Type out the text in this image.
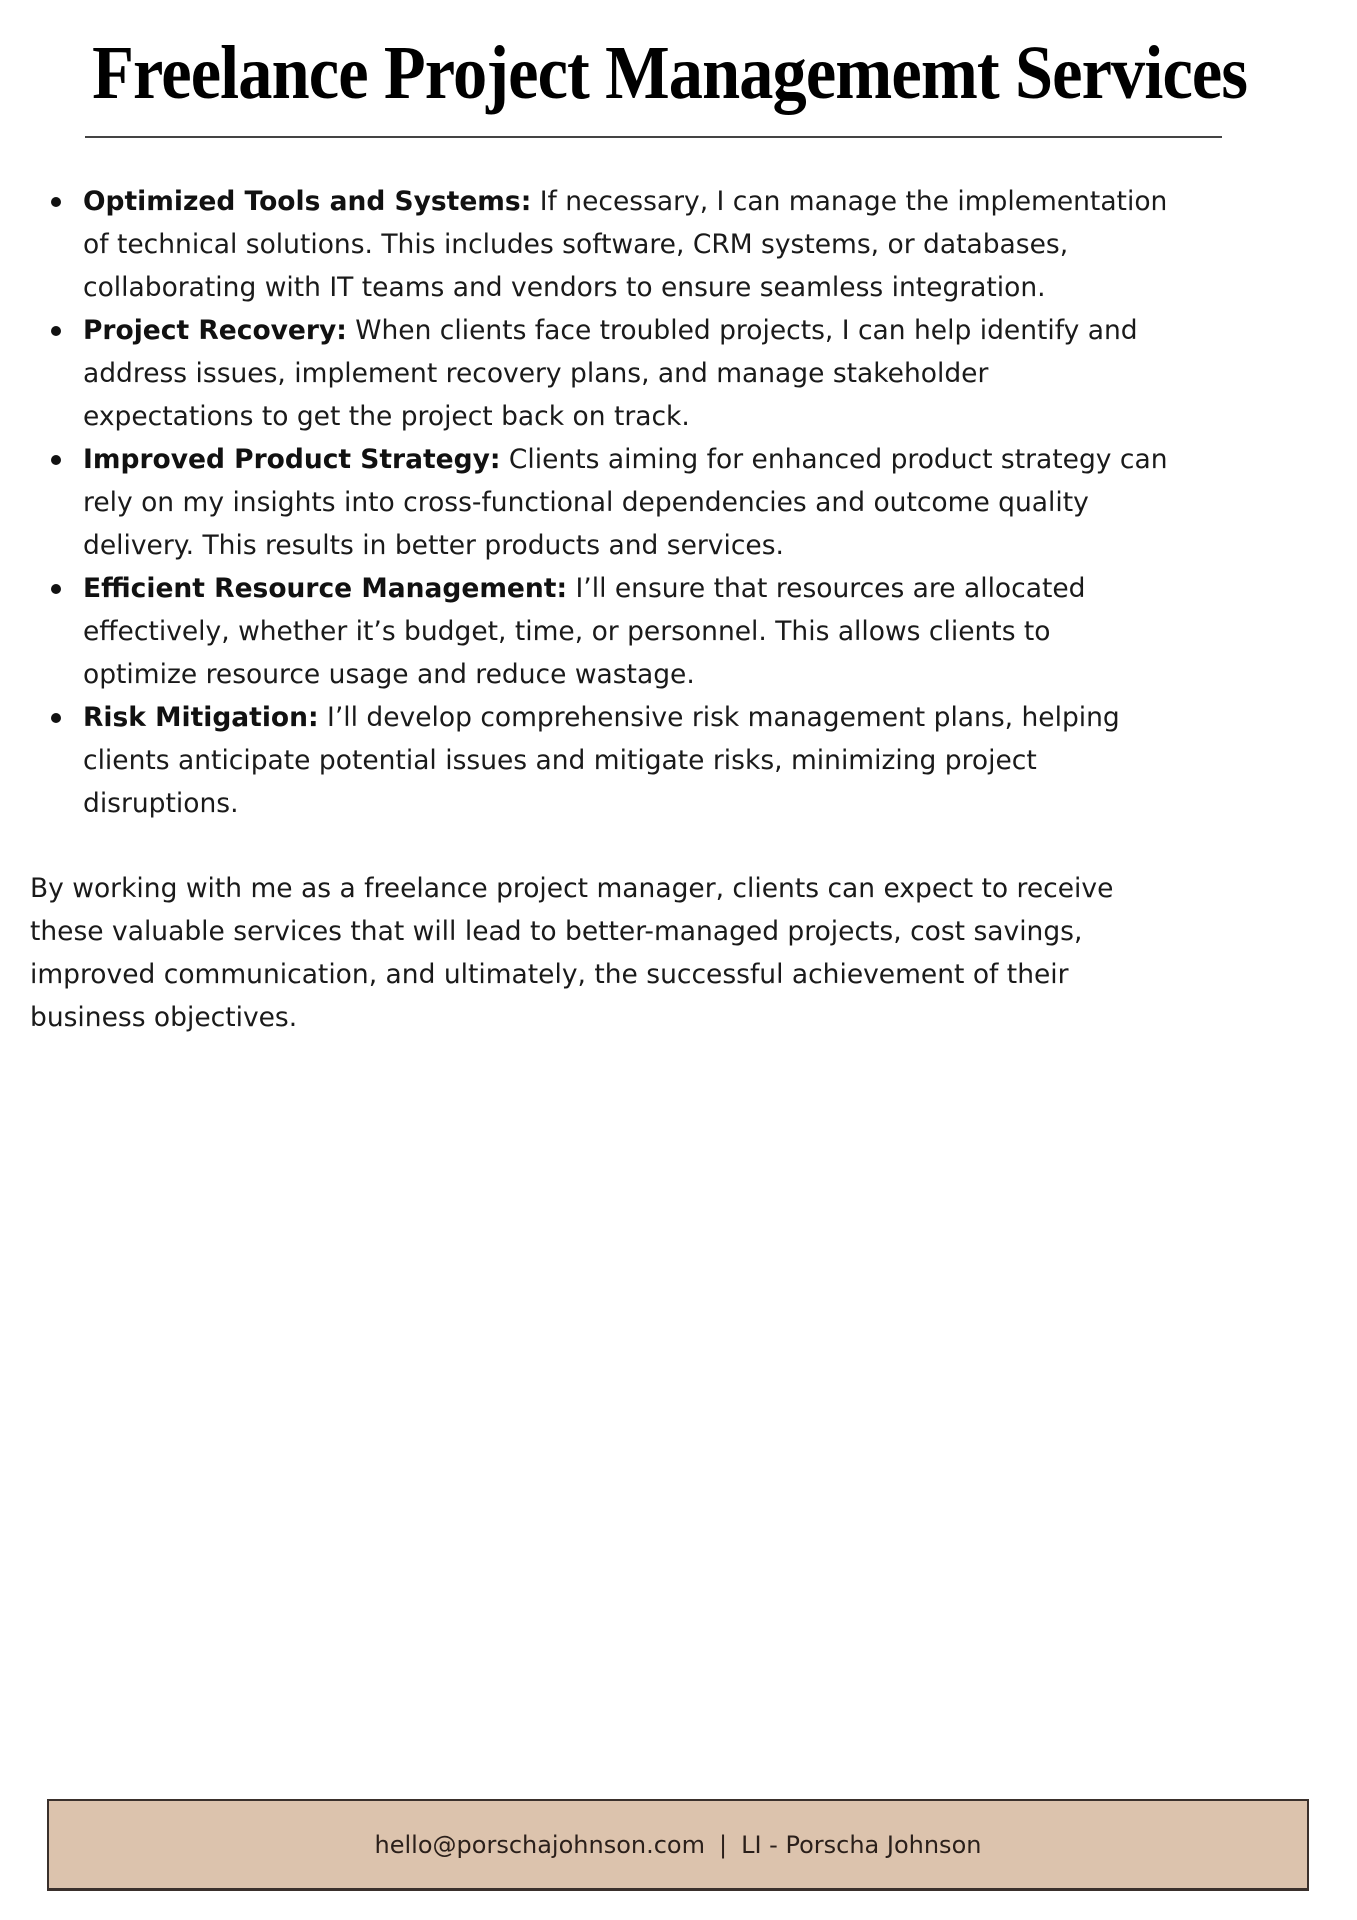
Freelance Project Managememt Services
Optimized Tools and Systems: If necessary, I can manage the implementation
of technical solutions. This includes software, CRM systems, or databases,
collaborating with IT teams and vendors to ensure seamless integration.
Project Recovery: When clients face troubled projects, I can help identify and
address issues, implement recovery plans, and manage stakeholder
expectations to get the project back on track.
Improved Product Strategy: Clients aiming for enhanced product strategy can
rely on my insights into cross-functional dependencies and outcome quality
delivery. This results in better products and services.
Efficient Resource Management: I’ll ensure that resources are allocated
effectively, whether it’s budget, time, or personnel. This allows clients to
optimize resource usage and reduce wastage.
Risk Mitigation: I’ll develop comprehensive risk management plans, helping
clients anticipate potential issues and mitigate risks, minimizing project
disruptions.
By working with me as a freelance project manager, clients can expect to receive
these valuable services that will lead to better-managed projects, cost savings,
improved communication, and ultimately, the successful achievement of their
business objectives.
hello@porschajohnson.com | LI - Porscha Johnson
